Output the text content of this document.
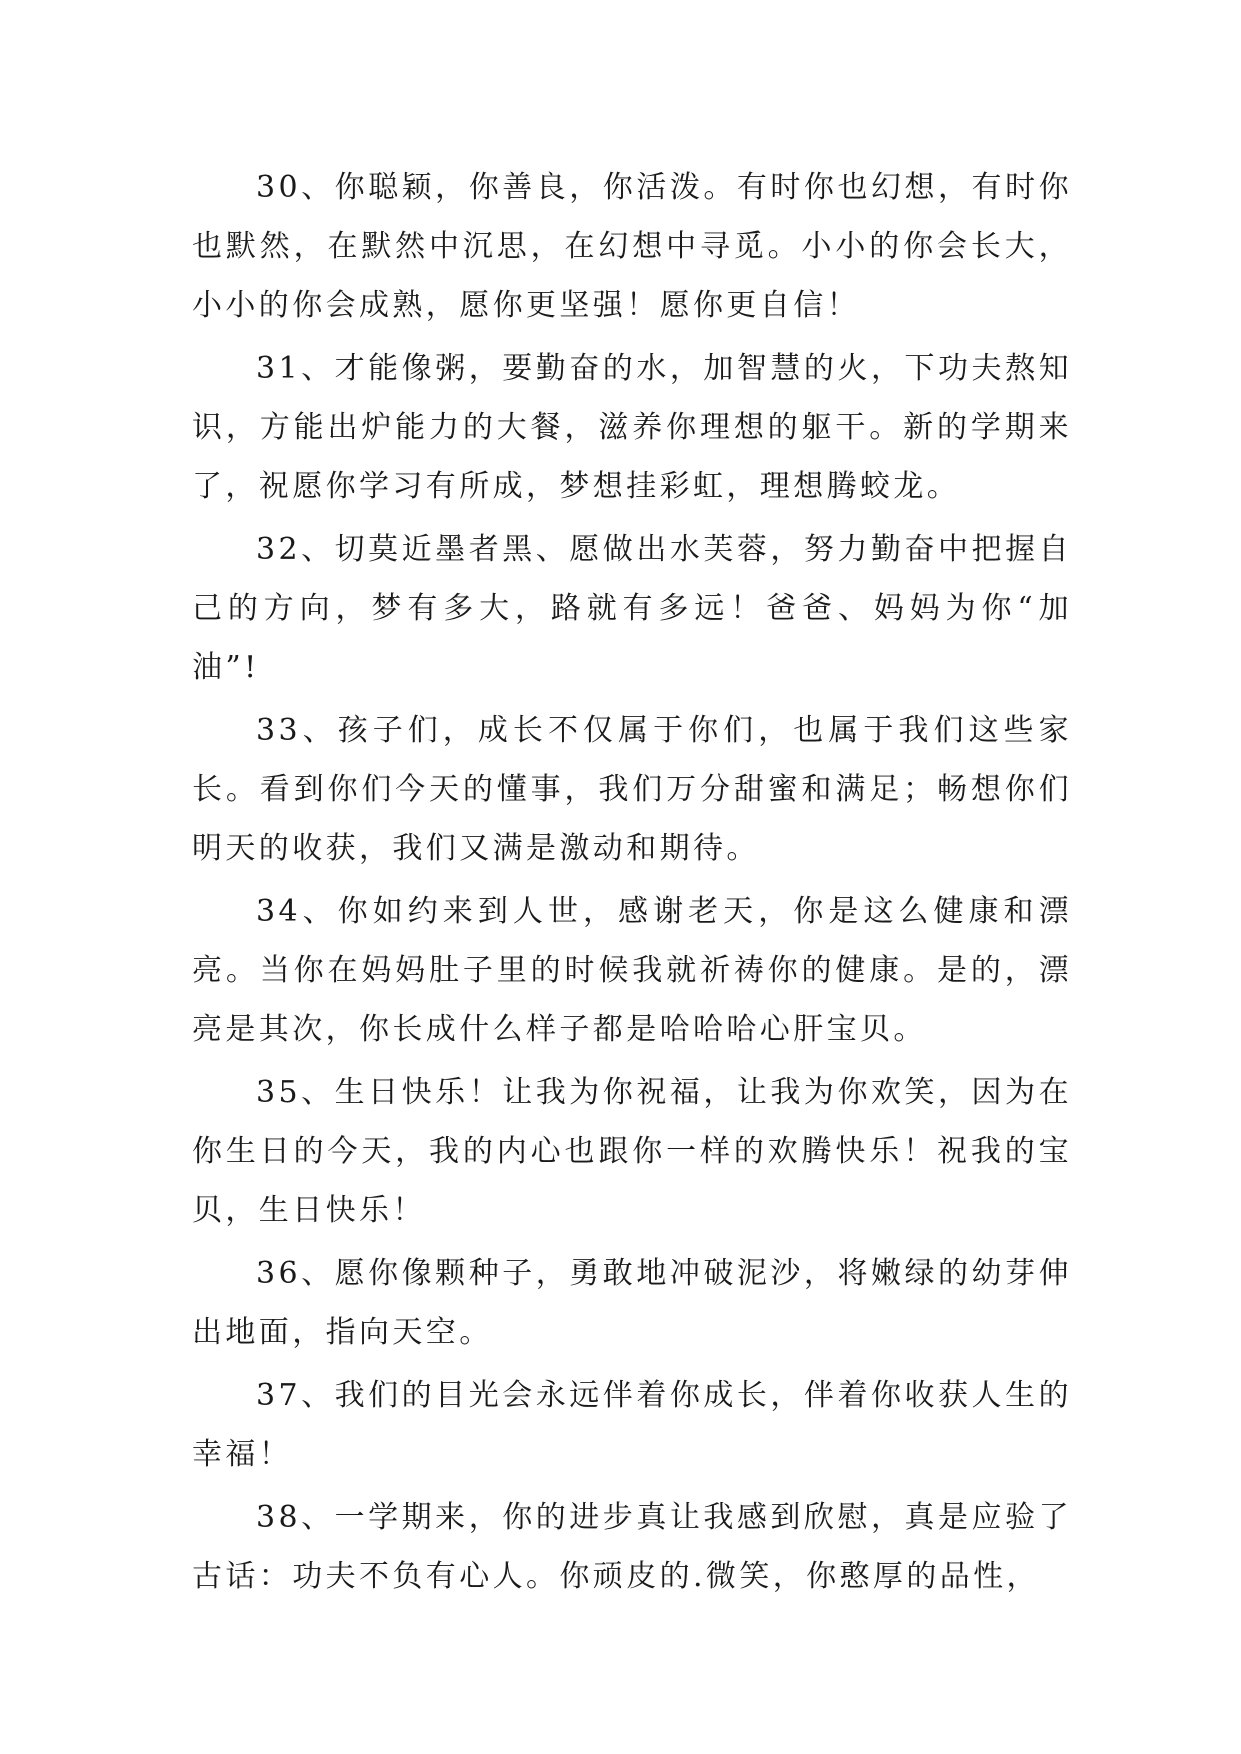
30、你聪颖，你善良，你活泼。有时你也幻想，有时你也默然，在默然中沉思，在幻想中寻觅。小小的你会长大，小小的你会成熟，愿你更坚强！愿你更自信！

31、才能像粥，要勤奋的水，加智慧的火，下功夫熬知识，方能出炉能力的大餐，滋养你理想的躯干。新的学期来了，祝愿你学习有所成，梦想挂彩虹，理想腾蛟龙。

32、切莫近墨者黑、愿做出水芙蓉，努力勤奋中把握自己的方向，梦有多大，路就有多远！爸爸、妈妈为你“加油”!

33、孩子们，成长不仅属于你们，也属于我们这些家长。看到你们今天的懂事，我们万分甜蜜和满足；畅想你们明天的收获，我们又满是激动和期待。

34、你如约来到人世，感谢老天，你是这么健康和漂亮。当你在妈妈肚子里的时候我就祈祷你的健康。是的，漂亮是其次，你长成什么样子都是哈哈哈心肝宝贝。

35、生日快乐！让我为你祝福，让我为你欢笑，因为在你生日的今天，我的内心也跟你一样的欢腾快乐！祝我的宝贝，生日快乐！

36、愿你像颗种子，勇敢地冲破泥沙，将嫩绿的幼芽伸出地面，指向天空。

37、我们的目光会永远伴着你成长，伴着你收获人生的幸福！

38、一学期来，你的进步真让我感到欣慰，真是应验了古话：功夫不负有心人。你顽皮的.微笑，你憨厚的品性，
